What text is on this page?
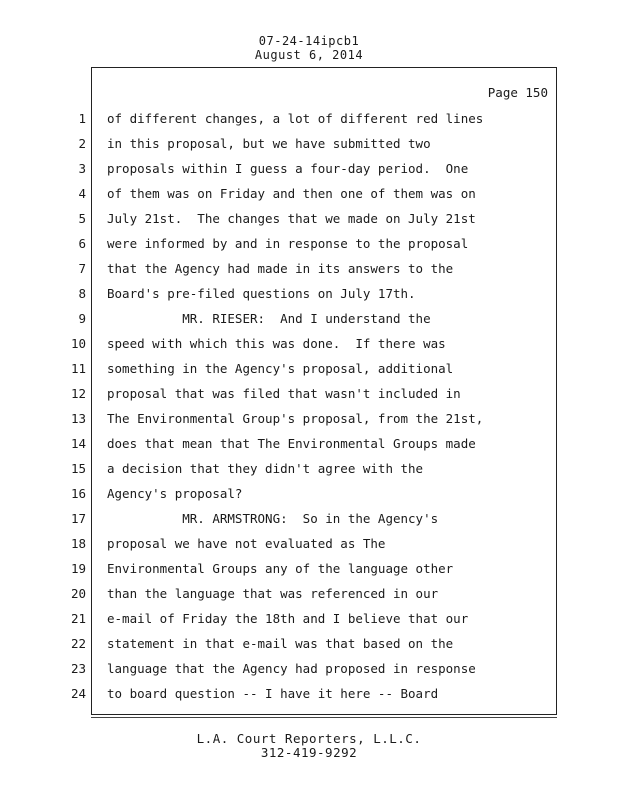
07-24-14ipcb1
August 6, 2014
Page 150
1
2
3
4
5
6
7
8
9
10
11
12
13
14
15
16
17
18
19
20
21
22
23
24
of different changes, a lot of different red lines
in this proposal, but we have submitted two
proposals within I guess a four-day period.  One
of them was on Friday and then one of them was on
July 21st.  The changes that we made on July 21st
were informed by and in response to the proposal
that the Agency had made in its answers to the
Board's pre-filed questions on July 17th.
MR. RIESER:  And I understand the
speed with which this was done.  If there was
something in the Agency's proposal, additional
proposal that was filed that wasn't included in
The Environmental Group's proposal, from the 21st,
does that mean that The Environmental Groups made
a decision that they didn't agree with the
Agency's proposal?
MR. ARMSTRONG:  So in the Agency's
proposal we have not evaluated as The
Environmental Groups any of the language other
than the language that was referenced in our
e-mail of Friday the 18th and I believe that our
statement in that e-mail was that based on the
language that the Agency had proposed in response
to board question -- I have it here -- Board
L.A. Court Reporters, L.L.C.
312-419-9292
